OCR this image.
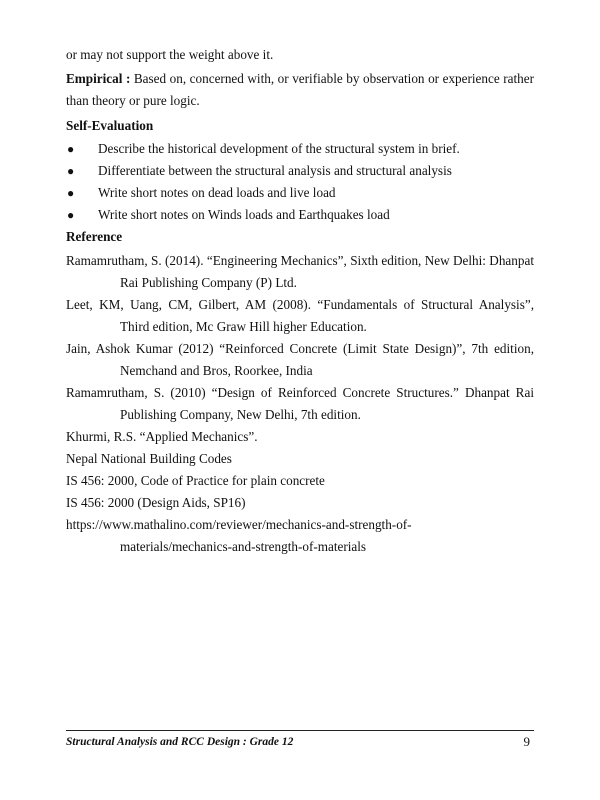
or may not support the weight above it.

Empirical : Based on, concerned with, or verifiable by observation or experience rather than theory or pure logic.

Self-Evaluation

● Describe the historical development of the structural system in brief.
● Differentiate between the structural analysis and structural analysis
● Write short notes on dead loads and live load
● Write short notes on Winds loads and Earthquakes load

Reference

Ramamrutham, S. (2014). “Engineering Mechanics”, Sixth edition, New Delhi: Dhanpat Rai Publishing Company (P) Ltd.

Leet, KM, Uang, CM, Gilbert, AM (2008). “Fundamentals of Structural Analysis”, Third edition, Mc Graw Hill higher Education.

Jain, Ashok Kumar (2012) “Reinforced Concrete (Limit State Design)”, 7th edition, Nemchand and Bros, Roorkee, India

Ramamrutham, S. (2010) “Design of Reinforced Concrete Structures.” Dhanpat Rai Publishing Company, New Delhi, 7th edition.

Khurmi, R.S. “Applied Mechanics”.

Nepal National Building Codes

IS 456: 2000, Code of Practice for plain concrete

IS 456: 2000 (Design Aids, SP16)

https://www.mathalino.com/reviewer/mechanics-and-strength-of-
materials/mechanics-and-strength-of-materials

Structural Analysis and RCC Design : Grade 12	9
